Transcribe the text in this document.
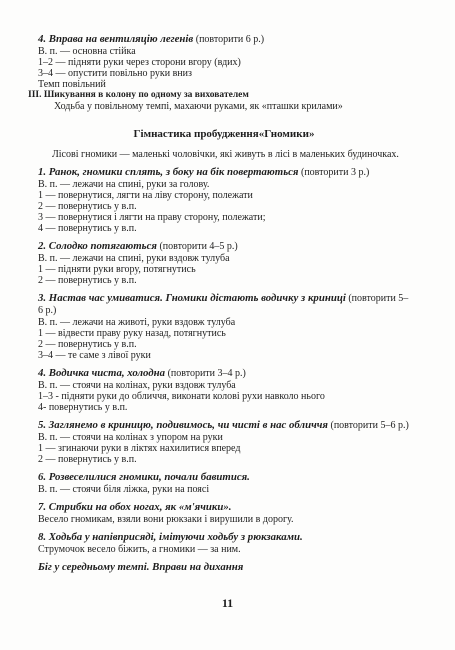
4. Вправа на вентиляцію легенів (повторити 6 р.)
В. п. — основна стійка
1–2 — підняти руки через сторони вгору (вдих)
3–4 — опустити повільно руки вниз
Темп повільний
III. Шикування в колону по одному за вихователем
Ходьба у повільному темпі, махаючи руками, як «пташки крилами»
Гімнастика пробудження«Гномики»
Лісові гномики — маленькі чоловічки, які живуть в лісі в маленьких будиночках.
1. Ранок, гномики сплять, з боку на бік повертаються (повторити 3 р.)
В. п. — лежачи на спині, руки за голову.
1 — повернутися, лягти на ліву сторону, полежати
2 — повернутись у в.п.
3 — повернутися і лягти на праву сторону, полежати;
4 — повернутись у в.п.
2. Солодко потягаються (повторити 4–5 р.)
В. п. — лежачи на спині, руки вздовж тулуба
1 — підняти руки вгору, потягнутись
2 — повернутись у в.п.
3. Настав час умиватися. Гномики дістають водичку з криниці (повторити 5–6 р.)
В. п. — лежачи на животі, руки вздовж тулуба
1 — відвести праву руку назад, потягнутись
2 — повернутись у в.п.
3–4 — те саме з лівої руки
4. Водичка чиста, холодна (повторити 3–4 р.)
В. п. — стоячи на колінах, руки вздовж тулуба
1–3 - підняти руки до обличчя, виконати колові рухи навколо нього
4- повернутись у в.п.
5. Заглянемо в криницю, подивимось, чи чисті в нас обличчя (повторити 5–6 р.)
В. п. — стоячи на колінах з упором на руки
1 — згинаючи руки в ліктях нахилитися вперед
2 — повернутись у в.п.
6. Розвеселилися гномики, почали бавитися.
В. п. — стоячи біля ліжка, руки на поясі
7. Стрибки на обох ногах, як «м'ячики».
Весело гномикам, взяли вони рюкзаки і вирушили в дорогу.
8. Ходьба у напівприсяді, імітуючи ходьбу з рюкзаками.
Струмочок весело біжить, а гномики — за ним.
Біг у середньому темпі. Вправи на дихання
11
